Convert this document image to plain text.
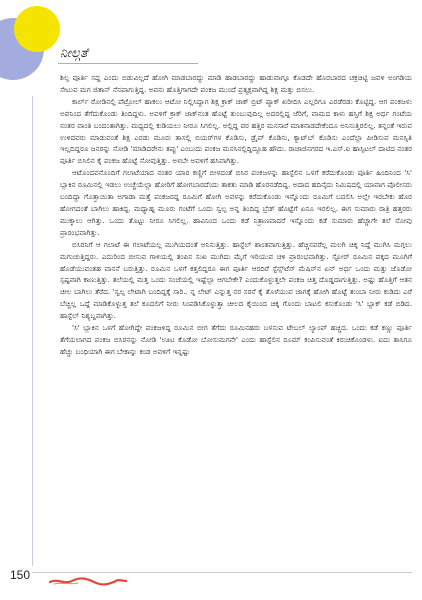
ನೀಲ್ಗತೆ

ಶಿಲ್ಪ ಪೂರ್ತಿ ಸದ್ದ ಎಂದು ಬಿಡುವಿಲ್ಲದೆ ಹೋಗಿ ಮಾಡಬಾರದ್ದು ಮಾಡಿ ಹಾಡಬಾರದ್ದು ಹಾಡುವಾಗ್ಗೂ ಕೊಡದೇ ಹೊರಬಾರದ ಚಕ್ರಚಿಟ್ಟಿ ಜವಳಿ ಅಂಗಡಿಯ ಸೇಟುವ ಮಗ ಜಿತಾನ್ ನೆನಪಾಗುತ್ತಿದ್ದ. ಅವನು ಹೊತ್ತಿಗಾಗದೇ ಪಂಕಜ ಮುಂದೆ ಪ್ರತ್ಯಕ್ಷವಾಗಿದ್ದ ಶಿಕ್ಷ ಮತ್ತು ಬಿಸಲು.

ಕಾರ್ಲ್ ರೋಡಿನಲ್ಲಿ ಪೆಟ್ರೋಲ್ ಹಾಕಲು ಆಟೋ ನಿಲ್ಲಿಸಿದ್ದಾಗ ಶಿಕ್ಷ ಕ್ರಾಕ್ ಜಾಕ್ ಬ್ರಿಟ್ ಪ್ಯಾಕ್ ಖರೀದಿಸಿ ಎಲ್ಲರಿಗೂ ಎರಡೆರಡು ಕೊಟ್ಟಿದ್ದ. ಆಗ ಪಂಕಜಳು ಅವನಿಂದ ತೆಗೆದುಕೊಂಡು ತಿಂದಿದ್ದಳು. ಅವಳಿಗೆ ಕ್ರಾಕ್ ಜಾಕ್‌ನಂತ ಹೊಟ್ಟೆ ತುಂಬುವುದಿಲ್ಲ ಅದರಲ್ಲಿದ್ದ ಜೆರಿಗೆ, ವಾಮದ ಕಾಳು ಹಸ್ತಿಗೆ ಶಿಕ್ಷ ಅರ್ಧ ಗಂಟೆಯ ನಂತರ ವಾಂತಿ ಬಂದಂತಾಗಿತ್ತು. ಮಧ್ಯದಲ್ಲಿ ಕುಡಿಯಲು ನೀರೂ ಸಿಗಲಿಲ್ಲ. ಅಲ್ಲಿದ್ದ ವರ ಹತ್ತಿರ ಮನಸಾರೆ ಮಾತನಾಡದೇಕೆಂದೂ ಅನಿಸುತ್ತಿರಲಿಲ್ಲ. ತನ್ನಂತೆ ಇರುವ ಉಳಿದವರು ಮಾಡುವಂತೆ ಶಿಕ್ಷ ಎರಡು ಮೂರು ತಾಸಲ್ಲಿ ಬಿಯರ್‌ಗಳ ಕೊಡಿಸು, ಡ್ರೈವ್ ಕೊಡಿಸು, ಕ್ಯಾಟ್‌ಬ್ ಕೊಡಿಸು ಎಂದೆಲ್ಲಾ ಪೀಡಿಸುವ ಮನಸ್ಸಿತಿ ಇಲ್ಲದಿದ್ದರೂ ಜನರನ್ನು ನೋಡಿ 'ಮಾಡಿದರೇನು ತಪ್ಪು' ಎಂಬುದು ಪಂಕಜ ಮನಸಿನಲ್ಲಿದ್ದಿದ್ದೂಹ ಹೌದು. ರಾಜಾಜಿನಗರದ ಇ.ಎಸ್.ಐ ಹಾಸ್ಪಿಟಲ್ ದಾಟಿದ ನಂತರ ಪೂರ್ತಿ ಬಿಸಿಲಿನ ಕೈ ಪಂಕಜ ಹೊಟ್ಟೆ ನೋವುತ್ತಿತ್ತು. ಅಳಬೇ ಅವಳಿಗೆ ಹಸಿವಾಗಿತ್ತು.

ಆಟೊಂದವನೊಂದಿಗೆ ಗಲಾಟೆಯಾದ ನಂತರ ಯಾರ ಕಣ್ಣಿಗೆ ಬೀಳದಂತೆ ಬಿಸಿರ ಪಂಕಜಳನ್ನು ಹಾಸ್ಟೆಲಿನ ಒಳಗೆ ಕರೆದುಕೊಂಡು ಪೂರ್ತಿ ಹಿಂದಿನಿಂದ 'ಸಿ' ಬ್ಲಾಕಿನ ರೂಮಿನಲ್ಲಿ ಇಡಲು ಉಚ್ಚೆಯೆಲ್ಲಾ ಹೋರಿಗೆ ಹೋಗಬಾರದೆಂದು ತಾಕತು ಮಾಡಿ ಹೊರನಡೆದಿದ್ದ. ಅದಾದ ಹದಿನೈದು ನಿಮಿಷದಲ್ಲಿ ಯಾವಾಗ ಪೊಲೀಸರು ಬಂದಿದ್ದಾ ಗೊತ್ತಾಯಿತಾ ಅಗಾಡಾ ಮತ್ತೆ ಪಂಕಜರದ್ದ ರೂಮಿಗೆ ಹೋಗಿ ಅವಳನ್ನು ಕರೆದುಕೊಂಡು ಇನ್ನೊಂದು ರೂಮಿಗೆ ಬದಲಿಸಿ ಅಲ್ಲೇ ಇರಬೇಕು ಹೊರ ಹೋಗದಂತೆ ಬಾಗಿಲು ಹಾಕಿದ್ದ. ಮಧ್ಯಾಹ್ನ ಮೂರು ಗಂಟೆಗೆ ಒಂದು ಸ್ವಲ್ಪ ಅನ್ನ ತಿಂದಿದ್ದ ಬ್ರೆಡ್ ಹೊಟ್ಟೆಗೆ ಏನೂ ಇರಲಿಲ್ಲ. ಈಗ ಸುಮಾರು ರಾತ್ರಿ ಹತ್ತರರು ಮುಕ್ಕಾಲು ಆಗಿತ್ತು. ಒಂದು ತೊಟ್ಟು ನೀರೂ ಸಿಗಲಿಲ್ಲ. ಹಾವಿನಿಂದ ಒಂದು ಕಡೆ ನಿತ್ರಾಣವಾದರೆ ಇನ್ನೊಂದು ಕಡೆ ಸುಮಾರು ಹೆಚ್ಚಾಗೇ ತಲೆ ನೋವು ಪ್ರಾರಂಭವಾಗಿತ್ತು.

ಬಿಸಿರನಿಗೆ ಆ ಗಲಾಟೆ ಈ ಗಲಾಟೆಯಲ್ಲ ಮುಗಿಯದಂತೆ ಅನಿಸುತ್ತಿತ್ತು. ಹಾಸ್ಟೆಲ್ ಶಾಂತವಾಗುತ್ತಿತ್ತು. ಹೆಚ್ಚಿನವರೆಲ್ಲ ಮಲಗಿ ಚಿಕ್ಕ ನಿದ್ದೆ ಮುಗಿಸಿ ಮಗ್ಗಲು ಮಗುಚುತ್ತಿದ್ದರು. ಎದುರಿಂದ ಬೀಸುವ ಗಾಳಿಯಲ್ಲಿ ತಂಪಿನ ಸುಖ ಮುಗಿದು ಮೈಗೆ ಇರಿಯುವ ಚಳಿ ಪ್ರಾರಂಭವಾಗಿತ್ತು. ಸ್ಟೋರ್ ರೂಮಿನ ಪಕ್ಕದ ಮೂಗಿಗೆ ಹೊಡೆಯುವಂತಹ ವಾಸನೆ ಬರುತ್ತಿತ್ತು. ರೂಮಿನ ಒಳಗೆ ಕತ್ತಲಿದ್ದರೂ ಈಗ ಪೂರ್ತಿ ಆರದಿರೆ ಸ್ಟೆನ್ಸ್‌ಟೆಸ್ ಮೆಷಿನ್‌ನ ಏನ್ ಅರ್ಧ ಒಂದು ಮತ್ತು ಜೊಡೋ ಸ್ಪಷ್ಟವಾಗಿ ಕಾಣುತ್ತಿತ್ತು. ತಲೆಯಲ್ಲಿ ಮತ್ತ ಒಂದು ಸಂಜೆಯಲ್ಲಿ ಇಷ್ಟೆಲ್ಲಾ ಆಗಬೇಕೇ? ಎಂದುಕೊಳ್ಳುತ್ತಲೇ ಪಂಕಜ ಚಿತ್ತ ದೊಡ್ಡದಾಗುತ್ತಿತ್ತು. ಅಷ್ಟು ಹೊತ್ತಿಗೆ ಆತನ ಚೀಲ ಬಾಗಿಲು ತೆರೆದ. 'ಸ್ವಲ್ಪ ಲೇಟಾಗಿ ಬಂದಿದ್ದಕ್ಕೆ ಸಾರಿ.. ನ್ನ ಲೇಟ್ ಎನ್ನುತ್ತ ನರ ಸರನೆ ಕೈ ತೊಳೆಯುವ ಜಾಗಕ್ಕೆ ಹೋಗಿ ಹೊಟ್ಟೆ ತುಂಬಾ ನೀರು ಕುಡಿದು ಎರೆ ಬೆಚ್ಚಿಲ್ಲ ಒದ್ದೆ ಮಾಡಿಕೊಳ್ಳುತ್ತ ತಲೆ ಕೂದಲಿಗೆ ನೀರು ಸಿಂಪಡಿಸಿಕೊಳ್ಳುತ್ತಾ ಚೀಲದ ಕೈಯಿಂದ ಚಿಕ್ಕ ಗೊಂದು ಬಾಟಲಿ ಕಸುಕೊಂಡು 'ಸಿ' ಬ್ಲಾಕ್ ಕಡೆ ಬಿಡಿದ. ಹಾಸ್ಟೆಲ್ ನಿಶ್ಯಬ್ದವಾಗಿತ್ತು.

'ಸಿ' ಬ್ಲಾಕಿನ ಒಳಗೆ ಹೋಗಿದ್ದೇ ಪಂಕಜಳಿದ್ದ ರೂಮಿನ ಬೀಗ ತೆಗೆದು ರೂಮಿನಹರು ಬಳಸುವ ಟೇಬಲ್ ಲ್ಯಾಂಪ್ ಹಚ್ಚಿದ. ಒಂದು ಕಡೆ ಕಣ್ಣು ಪೂರ್ತಿ ತೆಗೆಯಲಾಗದ ಪಂಕಜ ಬಿಸಿರನನ್ನು ನೋಡಿ 'ಊಟ ಕೊಡೋ ಬೋಸುಮಗನೇ' ಎಂದು ಹಾಸ್ಟೆಲಿನ ರೂಮ್ ಕಂಪಿಸುವಂತೆ ಕಿರುಚಿಕೊಂಡಳು. ಐದು ತಾಸಿಗೂ ಹೆಚ್ಚು ಬಂಧಿಯಾಗಿ ಈಗ ಬೇಕಾನ್ನು ಕಂಡ ಅವಳಿಗೆ ಇನ್ನಷ್ಟು

150
